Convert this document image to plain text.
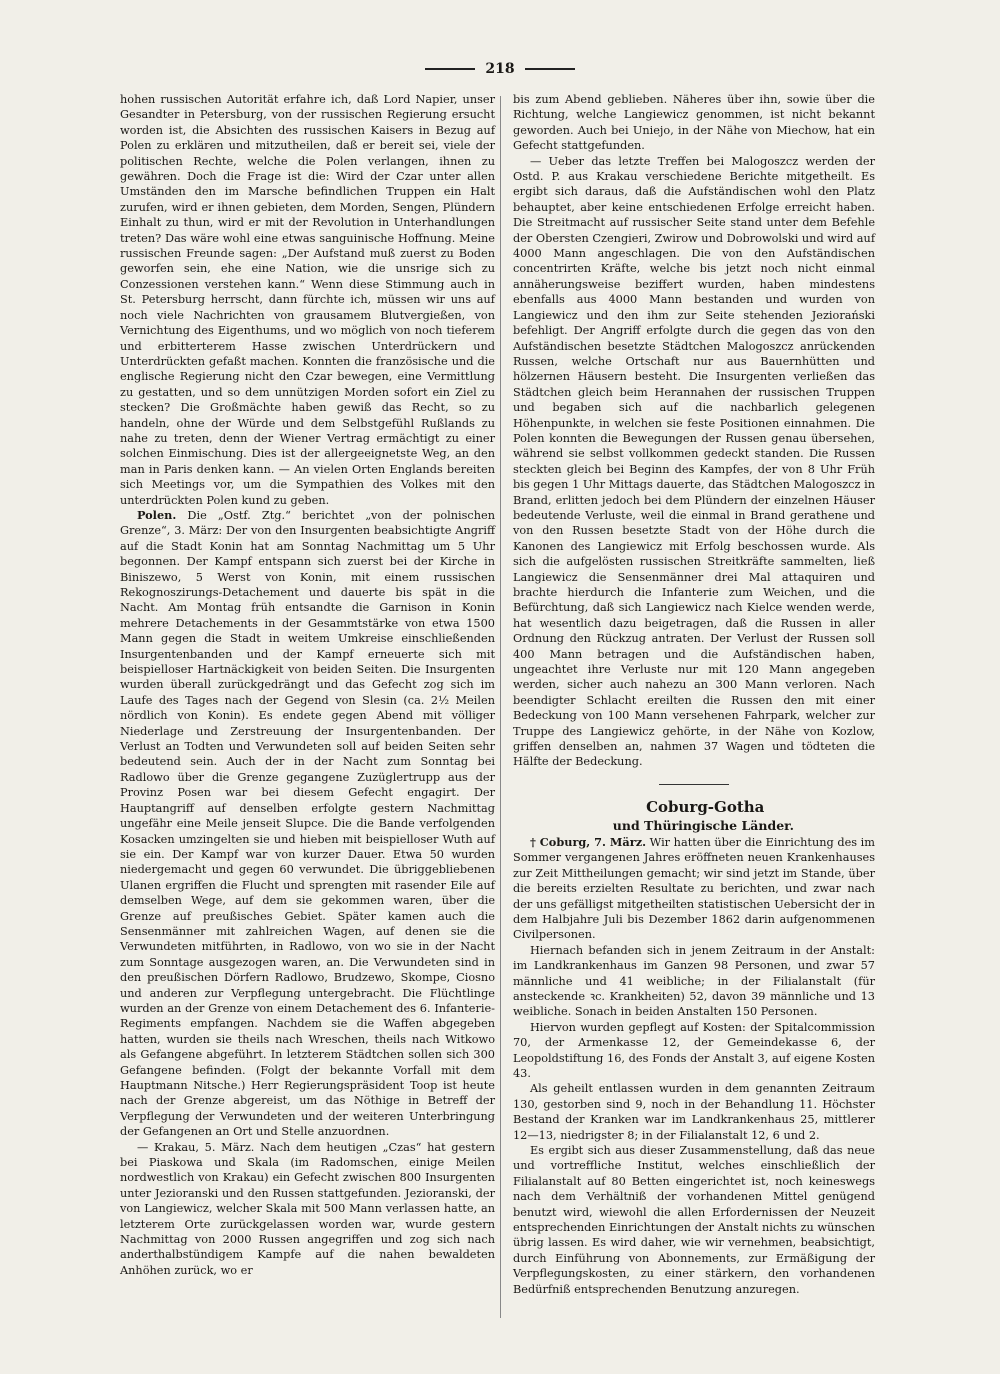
218

hohen russischen Autorität erfahre ich, daß Lord Napier, unser Gesandter in Petersburg, von der russischen Regierung ersucht worden ist, die Absichten des russischen Kaisers in Bezug auf Polen zu erklären und mitzutheilen, daß er bereit sei, viele der politischen Rechte, welche die Polen verlangen, ihnen zu gewähren. Doch die Frage ist die: Wird der Czar unter allen Umständen den im Marsche befindlichen Truppen ein Halt zurufen, wird er ihnen gebieten, dem Morden, Sengen, Plündern Einhalt zu thun, wird er mit der Revolution in Unterhandlungen treten? Das wäre wohl eine etwas sanguinische Hoffnung. Meine russischen Freunde sagen: „Der Aufstand muß zuerst zu Boden geworfen sein, ehe eine Nation, wie die unsrige sich zu Conzessionen verstehen kann.“ Wenn diese Stimmung auch in St. Petersburg herrscht, dann fürchte ich, müssen wir uns auf noch viele Nachrichten von grausamem Blutvergießen, von Vernichtung des Eigenthums, und wo möglich von noch tieferem und erbitterterem Hasse zwischen Unterdrückern und Unterdrückten gefaßt machen. Konnten die französische und die englische Regierung nicht den Czar bewegen, eine Vermittlung zu gestatten, und so dem unnützigen Morden sofort ein Ziel zu stecken? Die Großmächte haben gewiß das Recht, so zu handeln, ohne der Würde und dem Selbstgefühl Rußlands zu nahe zu treten, denn der Wiener Vertrag ermächtigt zu einer solchen Einmischung. Dies ist der allergeeignetste Weg, an den man in Paris denken kann. — An vielen Orten Englands bereiten sich Meetings vor, um die Sympathien des Volkes mit den unterdrückten Polen kund zu geben.

Polen. Die „Ostf. Ztg.“ berichtet „von der polnischen Grenze“, 3. März: Der von den Insurgenten beabsichtigte Angriff auf die Stadt Konin hat am Sonntag Nachmittag um 5 Uhr begonnen. Der Kampf entspann sich zuerst bei der Kirche in Biniszewo, 5 Werst von Konin, mit einem russischen Rekognoszirungs-Detachement und dauerte bis spät in die Nacht. Am Montag früh entsandte die Garnison in Konin mehrere Detachements in der Gesammtstärke von etwa 1500 Mann gegen die Stadt in weitem Umkreise einschließenden Insurgentenbanden und der Kampf erneuerte sich mit beispielloser Hartnäckigkeit von beiden Seiten. Die Insurgenten wurden überall zurückgedrängt und das Gefecht zog sich im Laufe des Tages nach der Gegend von Slesin (ca. 2½ Meilen nördlich von Konin). Es endete gegen Abend mit völliger Niederlage und Zerstreuung der Insurgentenbanden. Der Verlust an Todten und Verwundeten soll auf beiden Seiten sehr bedeutend sein. Auch der in der Nacht zum Sonntag bei Radlowo über die Grenze gegangene Zuzüglertrupp aus der Provinz Posen war bei diesem Gefecht engagirt. Der Hauptangriff auf denselben erfolgte gestern Nachmittag ungefähr eine Meile jenseit Slupce. Die die Bande verfolgenden Kosacken umzingelten sie und hieben mit beispielloser Wuth auf sie ein. Der Kampf war von kurzer Dauer. Etwa 50 wurden niedergemacht und gegen 60 verwundet. Die übriggebliebenen Ulanen ergriffen die Flucht und sprengten mit rasender Eile auf demselben Wege, auf dem sie gekommen waren, über die Grenze auf preußisches Gebiet. Später kamen auch die Sensenmänner mit zahlreichen Wagen, auf denen sie die Verwundeten mitführten, in Radlowo, von wo sie in der Nacht zum Sonntage ausgezogen waren, an. Die Verwundeten sind in den preußischen Dörfern Radlowo, Brudzewo, Skompe, Ciosno und anderen zur Verpflegung untergebracht. Die Flüchtlinge wurden an der Grenze von einem Detachement des 6. Infanterie-Regiments empfangen. Nachdem sie die Waffen abgegeben hatten, wurden sie theils nach Wreschen, theils nach Witkowo als Gefangene abgeführt. In letzterem Städtchen sollen sich 300 Gefangene befinden. (Folgt der bekannte Vorfall mit dem Hauptmann Nitsche.) Herr Regierungspräsident Toop ist heute nach der Grenze abgereist, um das Nöthige in Betreff der Verpflegung der Verwundeten und der weiteren Unterbringung der Gefangenen an Ort und Stelle anzuordnen.

— Krakau, 5. März. Nach dem heutigen „Czas“ hat gestern bei Piaskowa und Skala (im Radomschen, einige Meilen nordwestlich von Krakau) ein Gefecht zwischen 800 Insurgenten unter Jezioranski und den Russen stattgefunden. Jezioranski, der von Langiewicz, welcher Skala mit 500 Mann verlassen hatte, an letzterem Orte zurückgelassen worden war, wurde gestern Nachmittag von 2000 Russen angegriffen und zog sich nach anderthalbstündigem Kampfe auf die nahen bewaldeten Anhöhen zurück, wo er

bis zum Abend geblieben. Näheres über ihn, sowie über die Richtung, welche Langiewicz genommen, ist nicht bekannt geworden. Auch bei Uniejo, in der Nähe von Miechow, hat ein Gefecht stattgefunden.

— Ueber das letzte Treffen bei Malogoszcz werden der Ostd. P. aus Krakau verschiedene Berichte mitgetheilt. Es ergibt sich daraus, daß die Aufständischen wohl den Platz behauptet, aber keine entschiedenen Erfolge erreicht haben. Die Streitmacht auf russischer Seite stand unter dem Befehle der Obersten Czengieri, Zwirow und Dobrowolski und wird auf 4000 Mann angeschlagen. Die von den Aufständischen concentrirten Kräfte, welche bis jetzt noch nicht einmal annäherungsweise beziffert wurden, haben mindestens ebenfalls aus 4000 Mann bestanden und wurden von Langiewicz und den ihm zur Seite stehenden Jeziorański befehligt. Der Angriff erfolgte durch die gegen das von den Aufständischen besetzte Städtchen Malogoszcz anrückenden Russen, welche Ortschaft nur aus Bauernhütten und hölzernen Häusern besteht. Die Insurgenten verließen das Städtchen gleich beim Herannahen der russischen Truppen und begaben sich auf die nachbarlich gelegenen Höhenpunkte, in welchen sie feste Positionen einnahmen. Die Polen konnten die Bewegungen der Russen genau übersehen, während sie selbst vollkommen gedeckt standen. Die Russen steckten gleich bei Beginn des Kampfes, der von 8 Uhr Früh bis gegen 1 Uhr Mittags dauerte, das Städtchen Malogoszcz in Brand, erlitten jedoch bei dem Plündern der einzelnen Häuser bedeutende Verluste, weil die einmal in Brand gerathene und von den Russen besetzte Stadt von der Höhe durch die Kanonen des Langiewicz mit Erfolg beschossen wurde. Als sich die aufgelösten russischen Streitkräfte sammelten, ließ Langiewicz die Sensenmänner drei Mal attaquiren und brachte hierdurch die Infanterie zum Weichen, und die Befürchtung, daß sich Langiewicz nach Kielce wenden werde, hat wesentlich dazu beigetragen, daß die Russen in aller Ordnung den Rückzug antraten. Der Verlust der Russen soll 400 Mann betragen und die Aufständischen haben, ungeachtet ihre Verluste nur mit 120 Mann angegeben werden, sicher auch nahezu an 300 Mann verloren. Nach beendigter Schlacht ereilten die Russen den mit einer Bedeckung von 100 Mann versehenen Fahrpark, welcher zur Truppe des Langiewicz gehörte, in der Nähe von Kozlow, griffen denselben an, nahmen 37 Wagen und tödteten die Hälfte der Bedeckung.

Coburg-Gotha

und Thüringische Länder.

† Coburg, 7. März. Wir hatten über die Einrichtung des im Sommer vergangenen Jahres eröffneten neuen Krankenhauses zur Zeit Mittheilungen gemacht; wir sind jetzt im Stande, über die bereits erzielten Resultate zu berichten, und zwar nach der uns gefälligst mitgetheilten statistischen Uebersicht der in dem Halbjahre Juli bis Dezember 1862 darin aufgenommenen Civilpersonen.

Hiernach befanden sich in jenem Zeitraum in der Anstalt: im Landkrankenhaus im Ganzen 98 Personen, und zwar 57 männliche und 41 weibliche; in der Filialanstalt (für ansteckende ꝛc. Krankheiten) 52, davon 39 männliche und 13 weibliche. Sonach in beiden Anstalten 150 Personen.

Hiervon wurden gepflegt auf Kosten: der Spitalcommission 70, der Armenkasse 12, der Gemeindekasse 6, der Leopoldstiftung 16, des Fonds der Anstalt 3, auf eigene Kosten 43.

Als geheilt entlassen wurden in dem genannten Zeitraum 130, gestorben sind 9, noch in der Behandlung 11. Höchster Bestand der Kranken war im Landkrankenhaus 25, mittlerer 12—13, niedrigster 8; in der Filialanstalt 12, 6 und 2.

Es ergibt sich aus dieser Zusammenstellung, daß das neue und vortreffliche Institut, welches einschließlich der Filialanstalt auf 80 Betten eingerichtet ist, noch keineswegs nach dem Verhältniß der vorhandenen Mittel genügend benutzt wird, wiewohl die allen Erfordernissen der Neuzeit entsprechenden Einrichtungen der Anstalt nichts zu wünschen übrig lassen. Es wird daher, wie wir vernehmen, beabsichtigt, durch Einführung von Abonnements, zur Ermäßigung der Verpflegungskosten, zu einer stärkern, den vorhandenen Bedürfniß entsprechenden Benutzung anzuregen.
